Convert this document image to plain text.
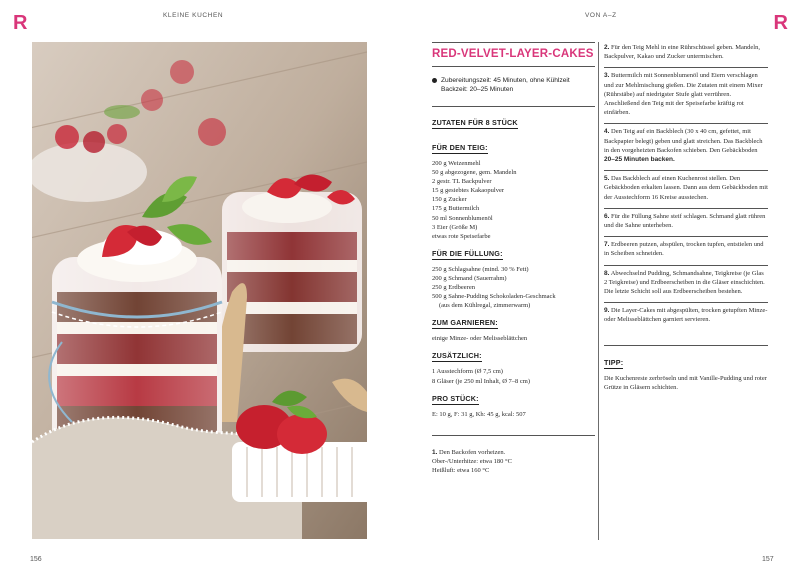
R	KLEINE KUCHEN	VON A–Z	R
RED-VELVET-LAYER-CAKES
Zubereitungszeit: 45 Minuten, ohne Kühlzeit
Backzeit: 20–25 Minuten
ZUTATEN FÜR 8 STÜCK
FÜR DEN TEIG:
200 g Weizenmehl
50 g abgezogene, gem. Mandeln
2 gestr. TL Backpulver
15 g gesiebtes Kakaopulver
150 g Zucker
175 g Buttermilch
50 ml Sonnenblumenöl
3 Eier (Größe M)
etwas rote Speisefarbe
FÜR DIE FÜLLUNG:
250 g Schlagsahne (mind. 30 % Fett)
200 g Schmand (Sauerrahm)
250 g Erdbeeren
500 g Sahne-Pudding Schokoladen-Geschmack
(aus dem Kühlregal, zimmerwarm)
ZUM GARNIEREN:
einige Minze- oder Melisseblättchen
ZUSÄTZLICH:
1 Ausstechform (Ø 7,5 cm)
8 Gläser (je 250 ml Inhalt, Ø 7–8 cm)
PRO STÜCK:
E: 10 g, F: 31 g, Kh: 45 g, kcal: 507
1. Den Backofen vorheizen.
Ober-/Unterhitze: etwa 180 °C
Heißluft: etwa 160 °C
2. Für den Teig Mehl in eine Rührschüssel geben. Mandeln, Backpulver, Kakao und Zucker untermischen.
3. Buttermilch mit Sonnenblumenöl und Eiern verschlagen und zur Mehlmischung gießen. Die Zutaten mit einem Mixer (Rührstäbe) auf niedrigster Stufe glatt verrühren. Anschließend den Teig mit der Speisefarbe kräftig rot einfärben.
4. Den Teig auf ein Backblech (30 x 40 cm, gefettet, mit Backpapier belegt) geben und glatt streichen. Das Backblech in den vorgeheizten Backofen schieben. Den Gebäckboden 20–25 Minuten backen.
5. Das Backblech auf einen Kuchenrost stellen. Den Gebäckboden erkalten lassen. Dann aus dem Gebäckboden mit der Ausstechform 16 Kreise ausstechen.
6. Für die Füllung Sahne steif schlagen. Schmand glatt rühren und die Sahne unterheben.
7. Erdbeeren putzen, abspülen, trocken tupfen, entstielen und in Scheiben schneiden.
8. Abwechselnd Pudding, Schmandsahne, Teigkreise (je Glas 2 Teigkreise) und Erdbeerscheiben in die Gläser einschichten. Die letzte Schicht soll aus Erdbeerscheiben bestehen.
9. Die Layer-Cakes mit abgespülten, trocken getupften Minze- oder Melisseblättchen garniert servieren.
TIPP:
Die Kuchenreste zerbröseln und mit Vanille-Pudding und roter Grütze in Gläsern schichten.
156	157
